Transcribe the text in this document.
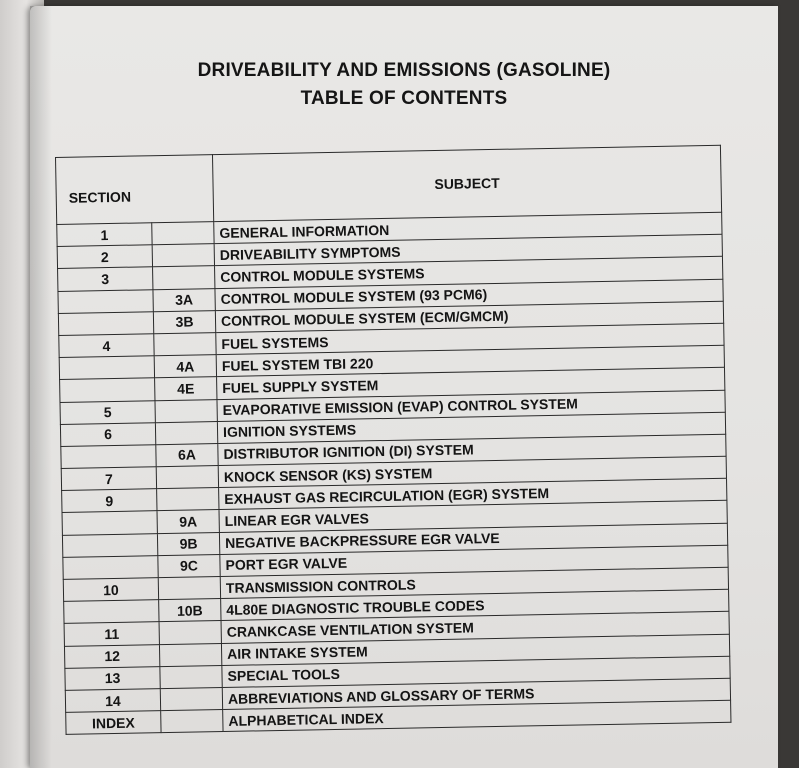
DRIVEABILITY AND EMISSIONS (GASOLINE)
TABLE OF CONTENTS
SECTION		SUBJECT
1		GENERAL INFORMATION
2		DRIVEABILITY SYMPTOMS
3		CONTROL MODULE SYSTEMS
	3A	CONTROL MODULE SYSTEM (93 PCM6)
	3B	CONTROL MODULE SYSTEM (ECM/GMCM)
4		FUEL SYSTEMS
	4A	FUEL SYSTEM TBI 220
	4E	FUEL SUPPLY SYSTEM
5		EVAPORATIVE EMISSION (EVAP) CONTROL SYSTEM
6		IGNITION SYSTEMS
	6A	DISTRIBUTOR IGNITION (DI) SYSTEM
7		KNOCK SENSOR (KS) SYSTEM
9		EXHAUST GAS RECIRCULATION (EGR) SYSTEM
	9A	LINEAR EGR VALVES
	9B	NEGATIVE BACKPRESSURE EGR VALVE
	9C	PORT EGR VALVE
10		TRANSMISSION CONTROLS
	10B	4L80E DIAGNOSTIC TROUBLE CODES
11		CRANKCASE VENTILATION SYSTEM
12		AIR INTAKE SYSTEM
13		SPECIAL TOOLS
14		ABBREVIATIONS AND GLOSSARY OF TERMS
INDEX		ALPHABETICAL INDEX
